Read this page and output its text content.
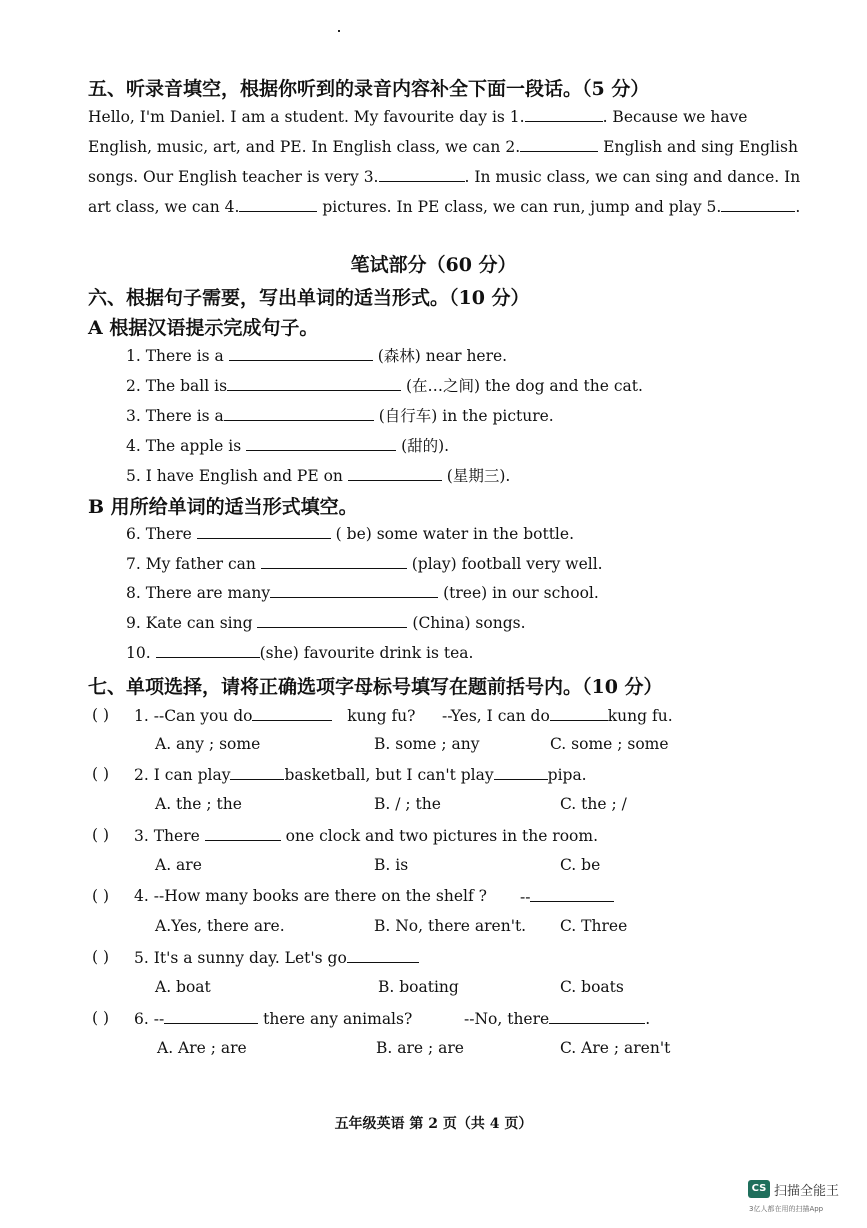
五、听录音填空，根据你听到的录音内容补全下面一段话。（5 分）
Hello, I'm Daniel. I am a student. My favourite day is 1.	. Because we have
English, music, art, and PE. In English class, we can 2.	English and sing English
songs. Our English teacher is very 3.	. In music class, we can sing and dance. In
art class, we can 4.	pictures. In PE class, we can run, jump and play 5.	.
笔试部分（60 分）
六、根据句子需要，写出单词的适当形式。（10 分）
A 根据汉语提示完成句子。
1. There is a	(森林) near here.
2. The ball is	(在…之间) the dog and the cat.
3. There is a	(自行车) in the picture.
4. The apple is	(甜的).
5. I have English and PE on	(星期三).
B 用所给单词的适当形式填空。
6. There	( be) some water in the bottle.
7. My father can	(play) football very well.
8. There are many	(tree) in our school.
9. Kate can sing	(China) songs.
10.	(she) favourite drink is tea.
七、单项选择，请将正确选项字母标号填写在题前括号内。（10 分）
( ) 1. --Can you do	kung fu? --Yes, I can do	kung fu.
A. any ; some	B. some ; any	C. some ; some
( ) 2. I can play	basketball, but I can't play	pipa.
A. the ; the	B. / ; the	C. the ; /
( ) 3. There	one clock and two pictures in the room.
A. are	B. is	C. be
( ) 4. --How many books are there on the shelf ? --
A.Yes, there are.	B. No, there aren't. C. Three
( ) 5. It's a sunny day. Let's go
A. boat	B. boating	C. boats
( ) 6. --	there any animals?	--No, there	.
A. Are ; are	B. are ; are	C. Are ; aren't
五年级英语 第 2 页（共 4 页）
CS 扫描全能王
3亿人都在用的扫描App
